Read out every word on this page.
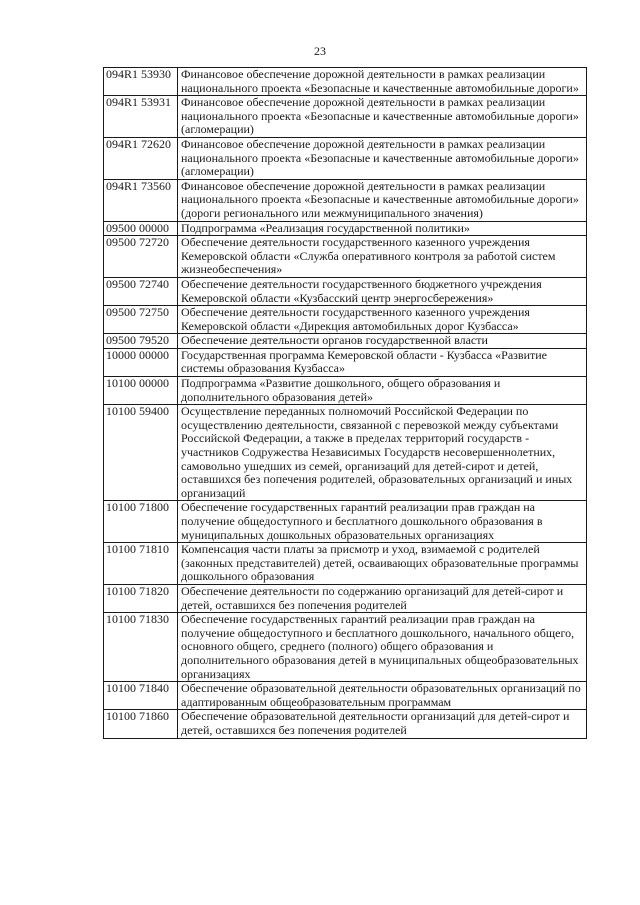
23
094R1 53930	Финансовое обеспечение дорожной деятельности в рамках реализации национального проекта «Безопасные и качественные автомобильные дороги»
094R1 53931	Финансовое обеспечение дорожной деятельности в рамках реализации национального проекта «Безопасные и качественные автомобильные дороги» (агломерации)
094R1 72620	Финансовое обеспечение дорожной деятельности в рамках реализации национального проекта «Безопасные и качественные автомобильные дороги» (агломерации)
094R1 73560	Финансовое обеспечение дорожной деятельности в рамках реализации национального проекта «Безопасные и качественные автомобильные дороги» (дороги регионального или межмуниципального значения)
09500 00000	Подпрограмма «Реализация государственной политики»
09500 72720	Обеспечение деятельности государственного казенного учреждения Кемеровской области «Служба оперативного контроля за работой систем жизнеобеспечения»
09500 72740	Обеспечение деятельности государственного бюджетного учреждения Кемеровской области «Кузбасский центр энергосбережения»
09500 72750	Обеспечение деятельности государственного казенного учреждения Кемеровской области «Дирекция автомобильных дорог Кузбасса»
09500 79520	Обеспечение деятельности органов государственной власти
10000 00000	Государственная программа Кемеровской области - Кузбасса «Развитие системы образования Кузбасса»
10100 00000	Подпрограмма «Развитие дошкольного, общего образования и дополнительного образования детей»
10100 59400	Осуществление переданных полномочий Российской Федерации по осуществлению деятельности, связанной с перевозкой между субъектами Российской Федерации, а также в пределах территорий государств - участников Содружества Независимых Государств несовершеннолетних, самовольно ушедших из семей, организаций для детей-сирот и детей, оставшихся без попечения родителей, образовательных организаций и иных организаций
10100 71800	Обеспечение государственных гарантий реализации прав граждан на получение общедоступного и бесплатного дошкольного образования в муниципальных дошкольных образовательных организациях
10100 71810	Компенсация части платы за присмотр и уход, взимаемой с родителей (законных представителей) детей, осваивающих образовательные программы дошкольного образования
10100 71820	Обеспечение деятельности по содержанию организаций для детей-сирот и детей, оставшихся без попечения родителей
10100 71830	Обеспечение государственных гарантий реализации прав граждан на получение общедоступного и бесплатного дошкольного, начального общего, основного общего, среднего (полного) общего образования и дополнительного образования детей в муниципальных общеобразовательных организациях
10100 71840	Обеспечение образовательной деятельности образовательных организаций по адаптированным общеобразовательным программам
10100 71860	Обеспечение образовательной деятельности организаций для детей-сирот и детей, оставшихся без попечения родителей
